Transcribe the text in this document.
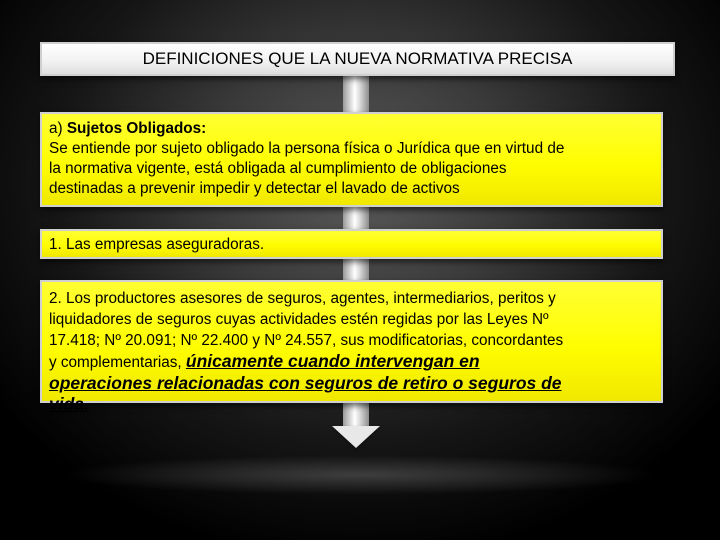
DEFINICIONES QUE LA NUEVA NORMATIVA PRECISA
a) Sujetos Obligados:
Se entiende por sujeto obligado la persona física o Jurídica que en virtud de
la normativa vigente, está obligada al cumplimiento de obligaciones
destinadas a prevenir impedir y detectar el lavado de activos
1. Las empresas aseguradoras.
2. Los productores asesores de seguros, agentes, intermediarios, peritos y
liquidadores de seguros cuyas actividades estén regidas por las Leyes Nº
17.418; Nº 20.091; Nº 22.400 y Nº 24.557, sus modificatorias, concordantes
y complementarias, únicamente cuando intervengan en
operaciones relacionadas con seguros de retiro o seguros de
vida.
